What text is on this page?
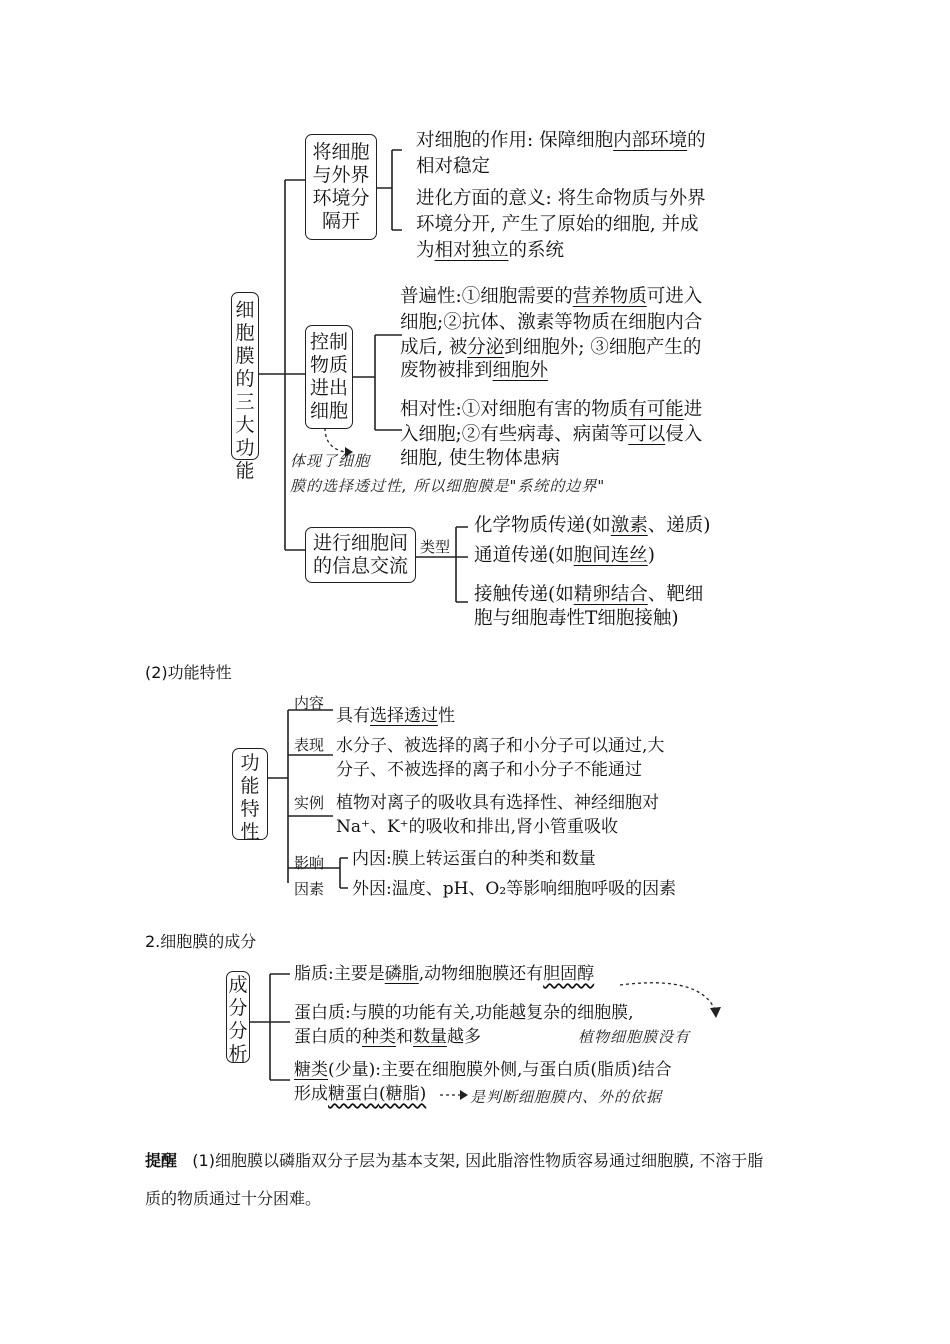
细胞膜的三大功能
将细胞
与外界
环境分
隔开
对细胞的作用: 保障细胞内部环境的
相对稳定
进化方面的意义: 将生命物质与外界
环境分开, 产生了原始的细胞, 并成
为相对独立的系统
控制
物质
进出
细胞
普遍性:①细胞需要的营养物质可进入
细胞;②抗体、激素等物质在细胞内合
成后, 被分泌到细胞外; ③细胞产生的
废物被排到细胞外
相对性:①对细胞有害的物质有可能进
入细胞;②有些病毒、病菌等可以侵入
细胞, 使生物体患病
体现了细胞
膜的选择透过性, 所以细胞膜是"系统的边界"
进行细胞间
的信息交流
类型
化学物质传递(如激素、递质)
通道传递(如胞间连丝)
接触传递(如精卵结合、靶细
胞与细胞毒性T细胞接触)
(2)功能特性
功
能
特
性
内容
具有选择透过性
表现 水分子、被选择的离子和小分子可以通过,大
分子、不被选择的离子和小分子不能通过
实例 植物对离子的吸收具有选择性、神经细胞对
Na⁺、K⁺的吸收和排出,肾小管重吸收
影响
因素
内因:膜上转运蛋白的种类和数量
外因:温度、pH、O₂等影响细胞呼吸的因素
2.细胞膜的成分
成
分
分
析
脂质:主要是磷脂,动物细胞膜还有胆固醇
蛋白质:与膜的功能有关,功能越复杂的细胞膜,
蛋白质的种类和数量越多
糖类(少量):主要在细胞膜外侧,与蛋白质(脂质)结合
形成糖蛋白(糖脂)
植物细胞膜没有
是判断细胞膜内、外的依据
提醒 (1)细胞膜以磷脂双分子层为基本支架, 因此脂溶性物质容易通过细胞膜, 不溶于脂
质的物质通过十分困难。
